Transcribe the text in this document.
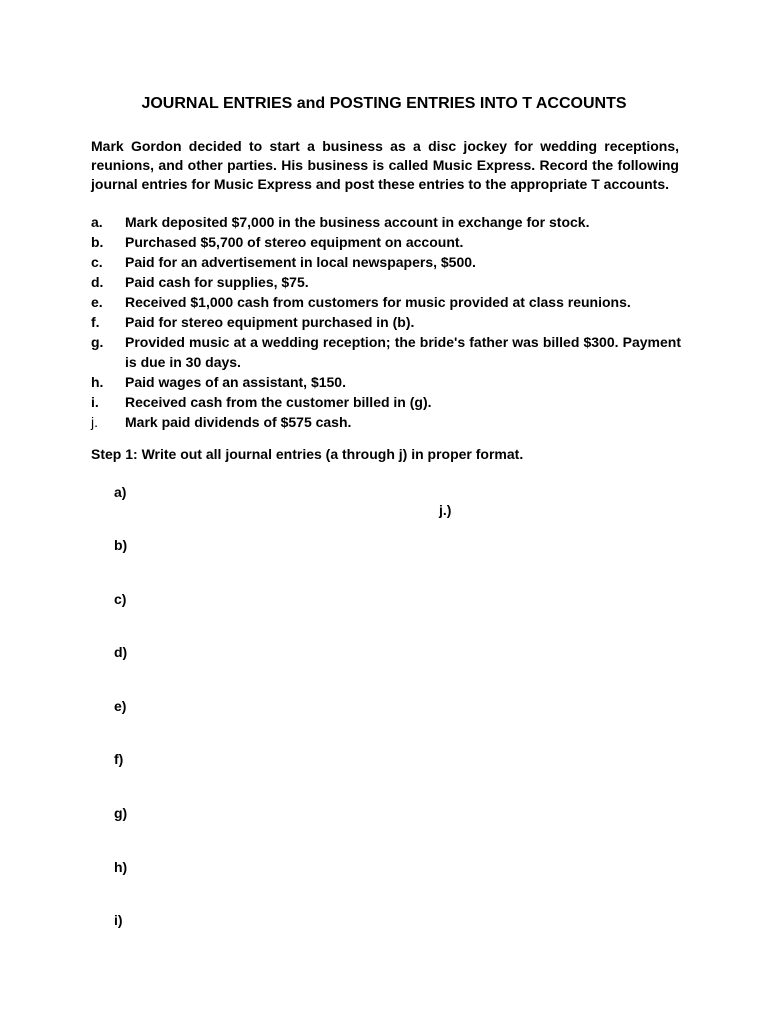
JOURNAL ENTRIES and POSTING ENTRIES INTO T ACCOUNTS
Mark Gordon decided to start a business as a disc jockey for wedding receptions, reunions, and other parties. His business is called Music Express. Record the following journal entries for Music Express and post these entries to the appropriate T accounts.
a.	Mark deposited $7,000 in the business account in exchange for stock.
b.	Purchased $5,700 of stereo equipment on account.
c.	Paid for an advertisement in local newspapers, $500.
d.	Paid cash for supplies, $75.
e.	Received $1,000 cash from customers for music provided at class reunions.
f.	Paid for stereo equipment purchased in (b).
g.	Provided music at a wedding reception; the bride's father was billed $300. Payment is due in 30 days.
h.	Paid wages of an assistant, $150.
i.	Received cash from the customer billed in (g).
j.	Mark paid dividends of $575 cash.
Step 1: Write out all journal entries (a through j) in proper format.
a)
j.)
b)
c)
d)
e)
f)
g)
h)
i)
